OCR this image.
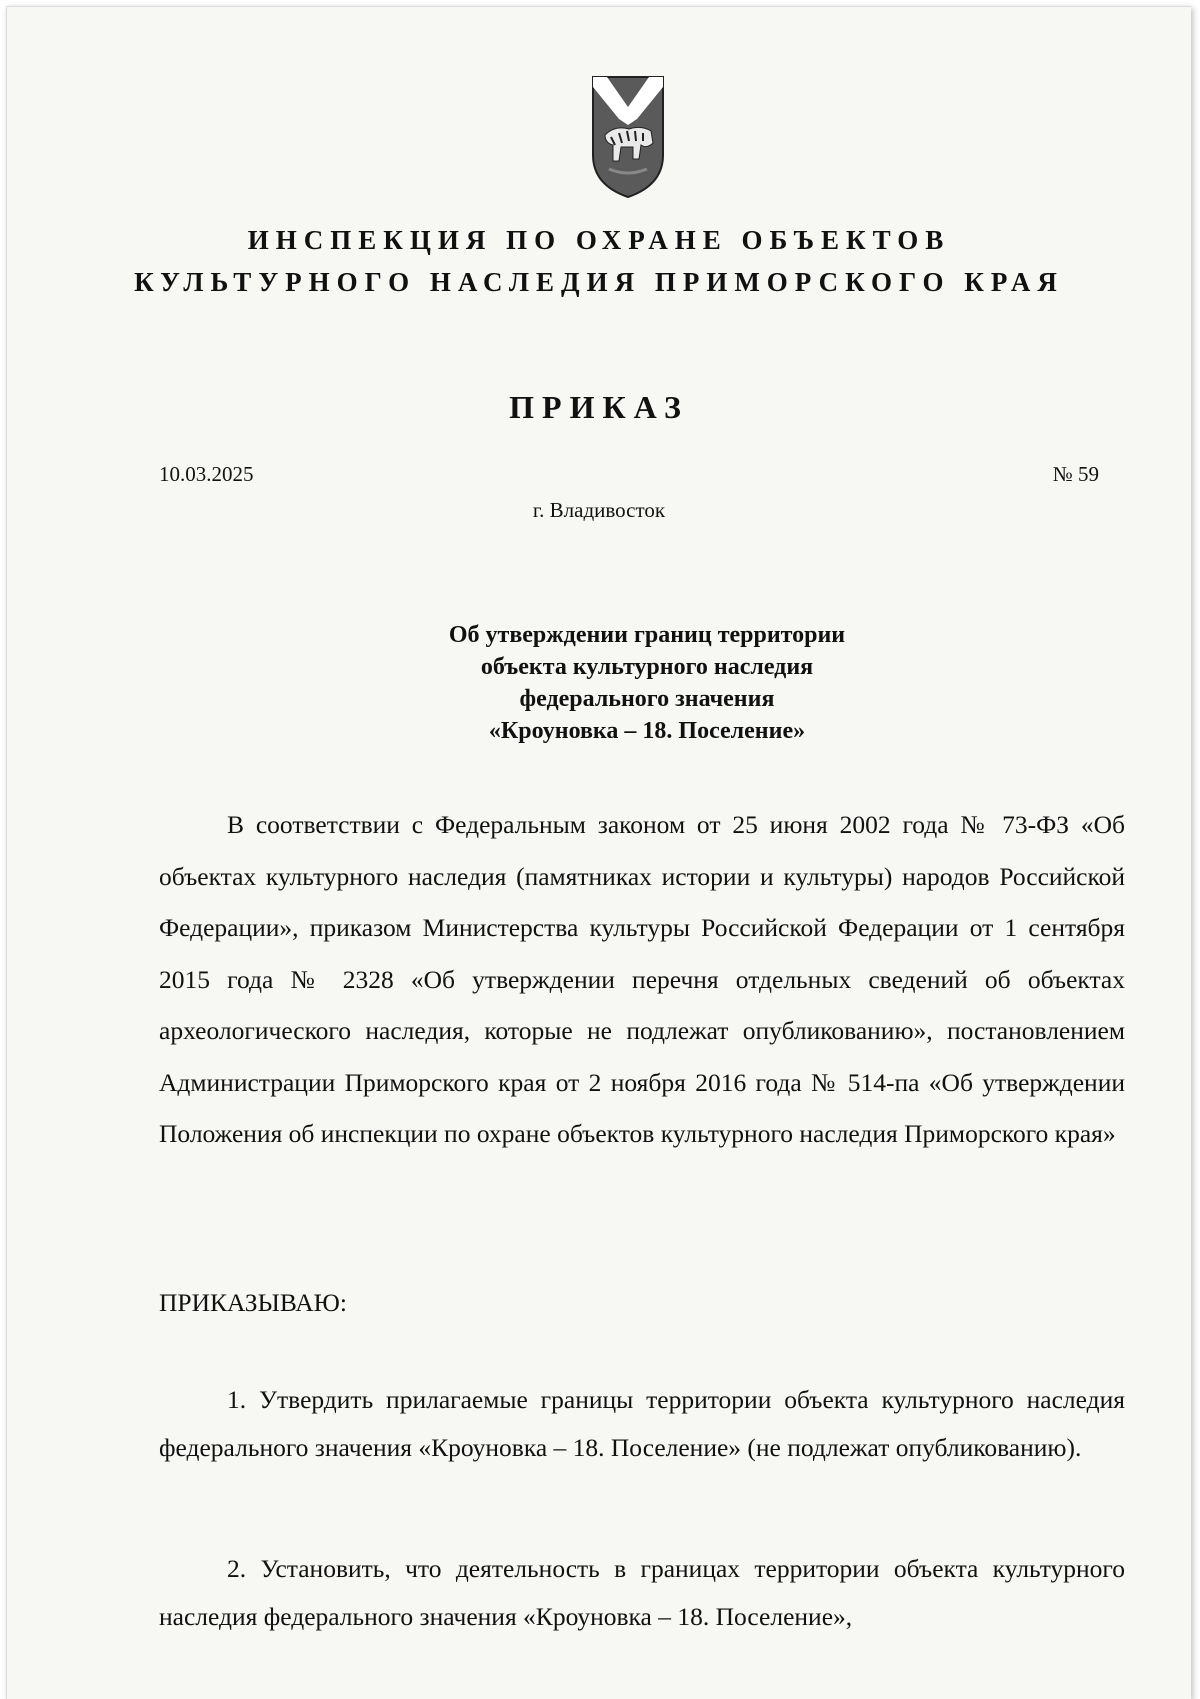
ИНСПЕКЦИЯ ПО ОХРАНЕ ОБЪЕКТОВ
КУЛЬТУРНОГО НАСЛЕДИЯ ПРИМОРСКОГО КРАЯ
ПРИКАЗ
10.03.2025	№ 59
г. Владивосток
Об утверждении границ территории
объекта культурного наследия
федерального значения
«Кроуновка – 18. Поселение»

В соответствии с Федеральным законом от 25 июня 2002 года № 73-ФЗ «Об объектах культурного наследия (памятниках истории и культуры) народов Российской Федерации», приказом Министерства культуры Российской Федерации от 1 сентября 2015 года № 2328 «Об утверждении перечня отдельных сведений об объектах археологического наследия, которые не подлежат опубликованию», постановлением Администрации Приморского края от 2 ноября 2016 года № 514-па «Об утверждении Положения об инспекции по охране объектов культурного наследия Приморского края»

ПРИКАЗЫВАЮ:

1. Утвердить прилагаемые границы территории объекта культурного наследия федерального значения «Кроуновка – 18. Поселение» (не подлежат опубликованию).

2. Установить, что деятельность в границах территории объекта культурного наследия федерального значения «Кроуновка – 18. Поселение»,
